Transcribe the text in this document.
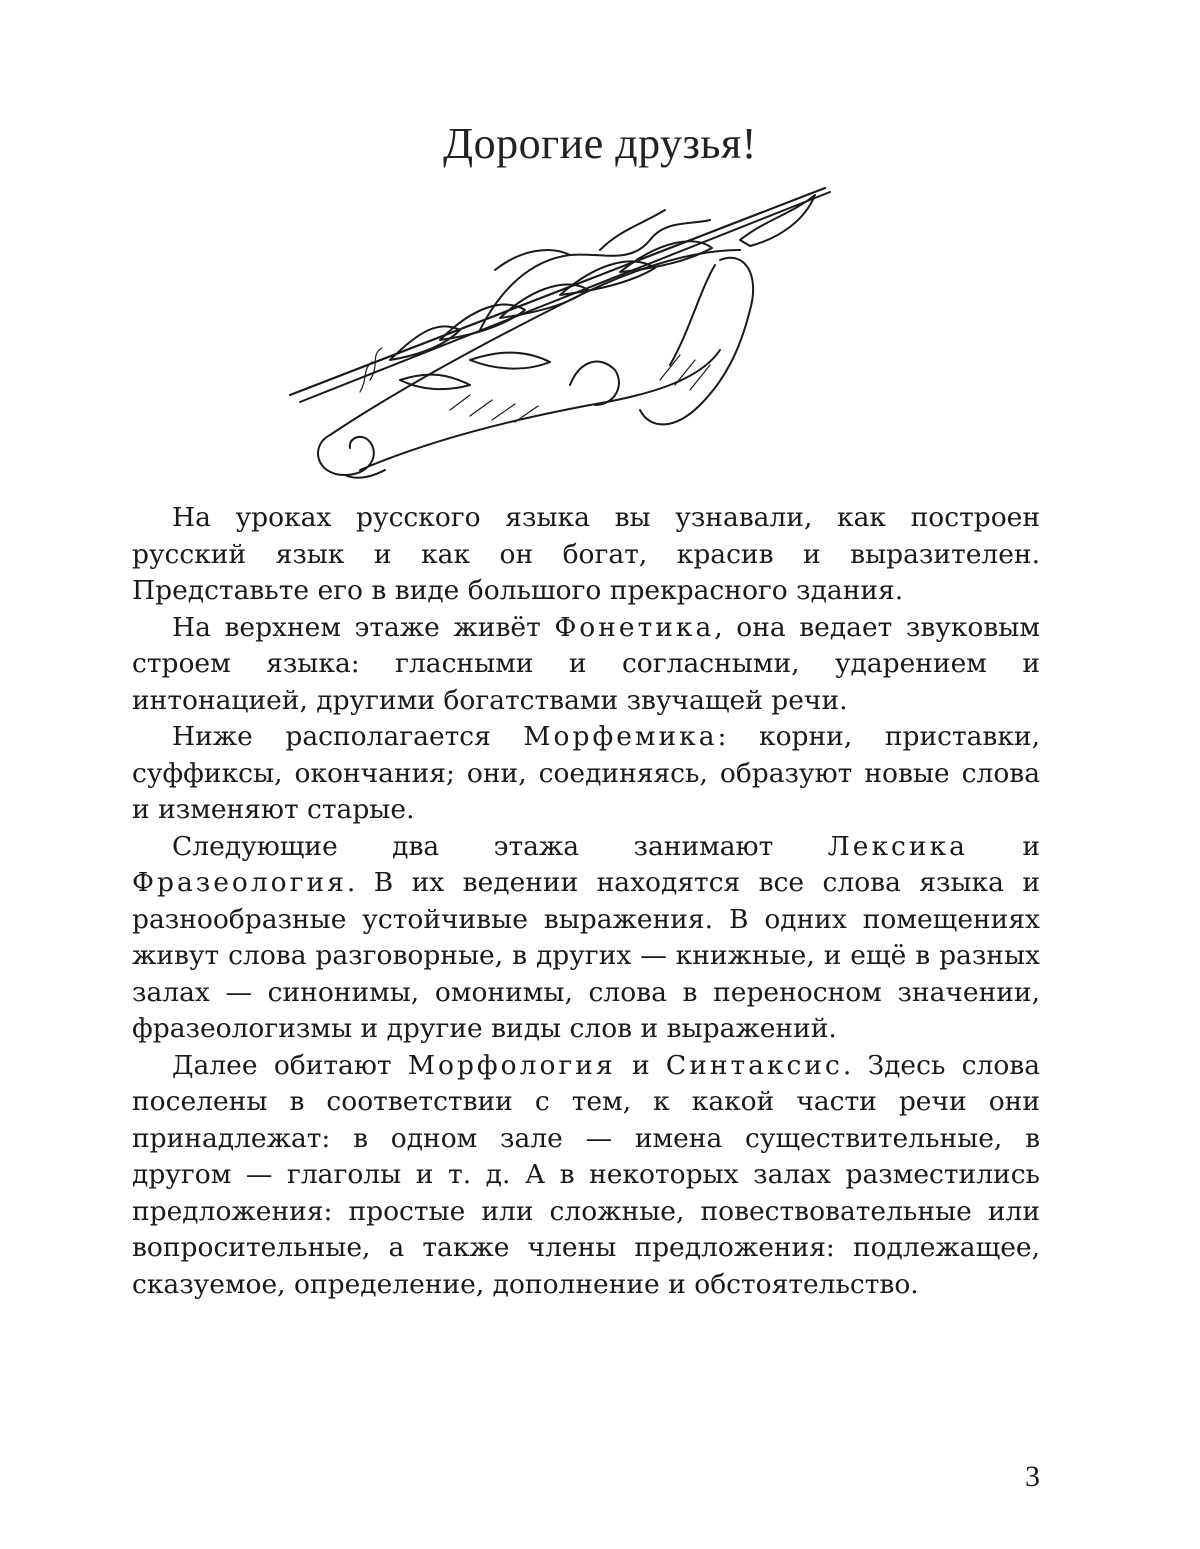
Дорогие друзья!

На уроках русского языка вы узнавали, как построен русский язык и как он богат, красив и выразителен. Представьте его в виде большого прекрасного здания.

На верхнем этаже живёт Фонетика, она ведает звуковым строем языка: гласными и согласными, ударением и интонацией, другими богатствами звучащей речи.

Ниже располагается Морфемика: корни, приставки, суффиксы, окончания; они, соединяясь, образуют новые слова и изменяют старые.

Следующие два этажа занимают Лексика и Фразеология. В их ведении находятся все слова языка и разнообразные устойчивые выражения. В одних помещениях живут слова разговорные, в других — книжные, и ещё в разных залах — синонимы, омонимы, слова в переносном значении, фразеологизмы и другие виды слов и выражений.

Далее обитают Морфология и Синтаксис. Здесь слова поселены в соответствии с тем, к какой части речи они принадлежат: в одном зале — имена существительные, в другом — глаголы и т. д. А в некоторых залах разместились предложения: простые или сложные, повествовательные или вопросительные, а также члены предложения: подлежащее, сказуемое, определение, дополнение и обстоятельство.

3
